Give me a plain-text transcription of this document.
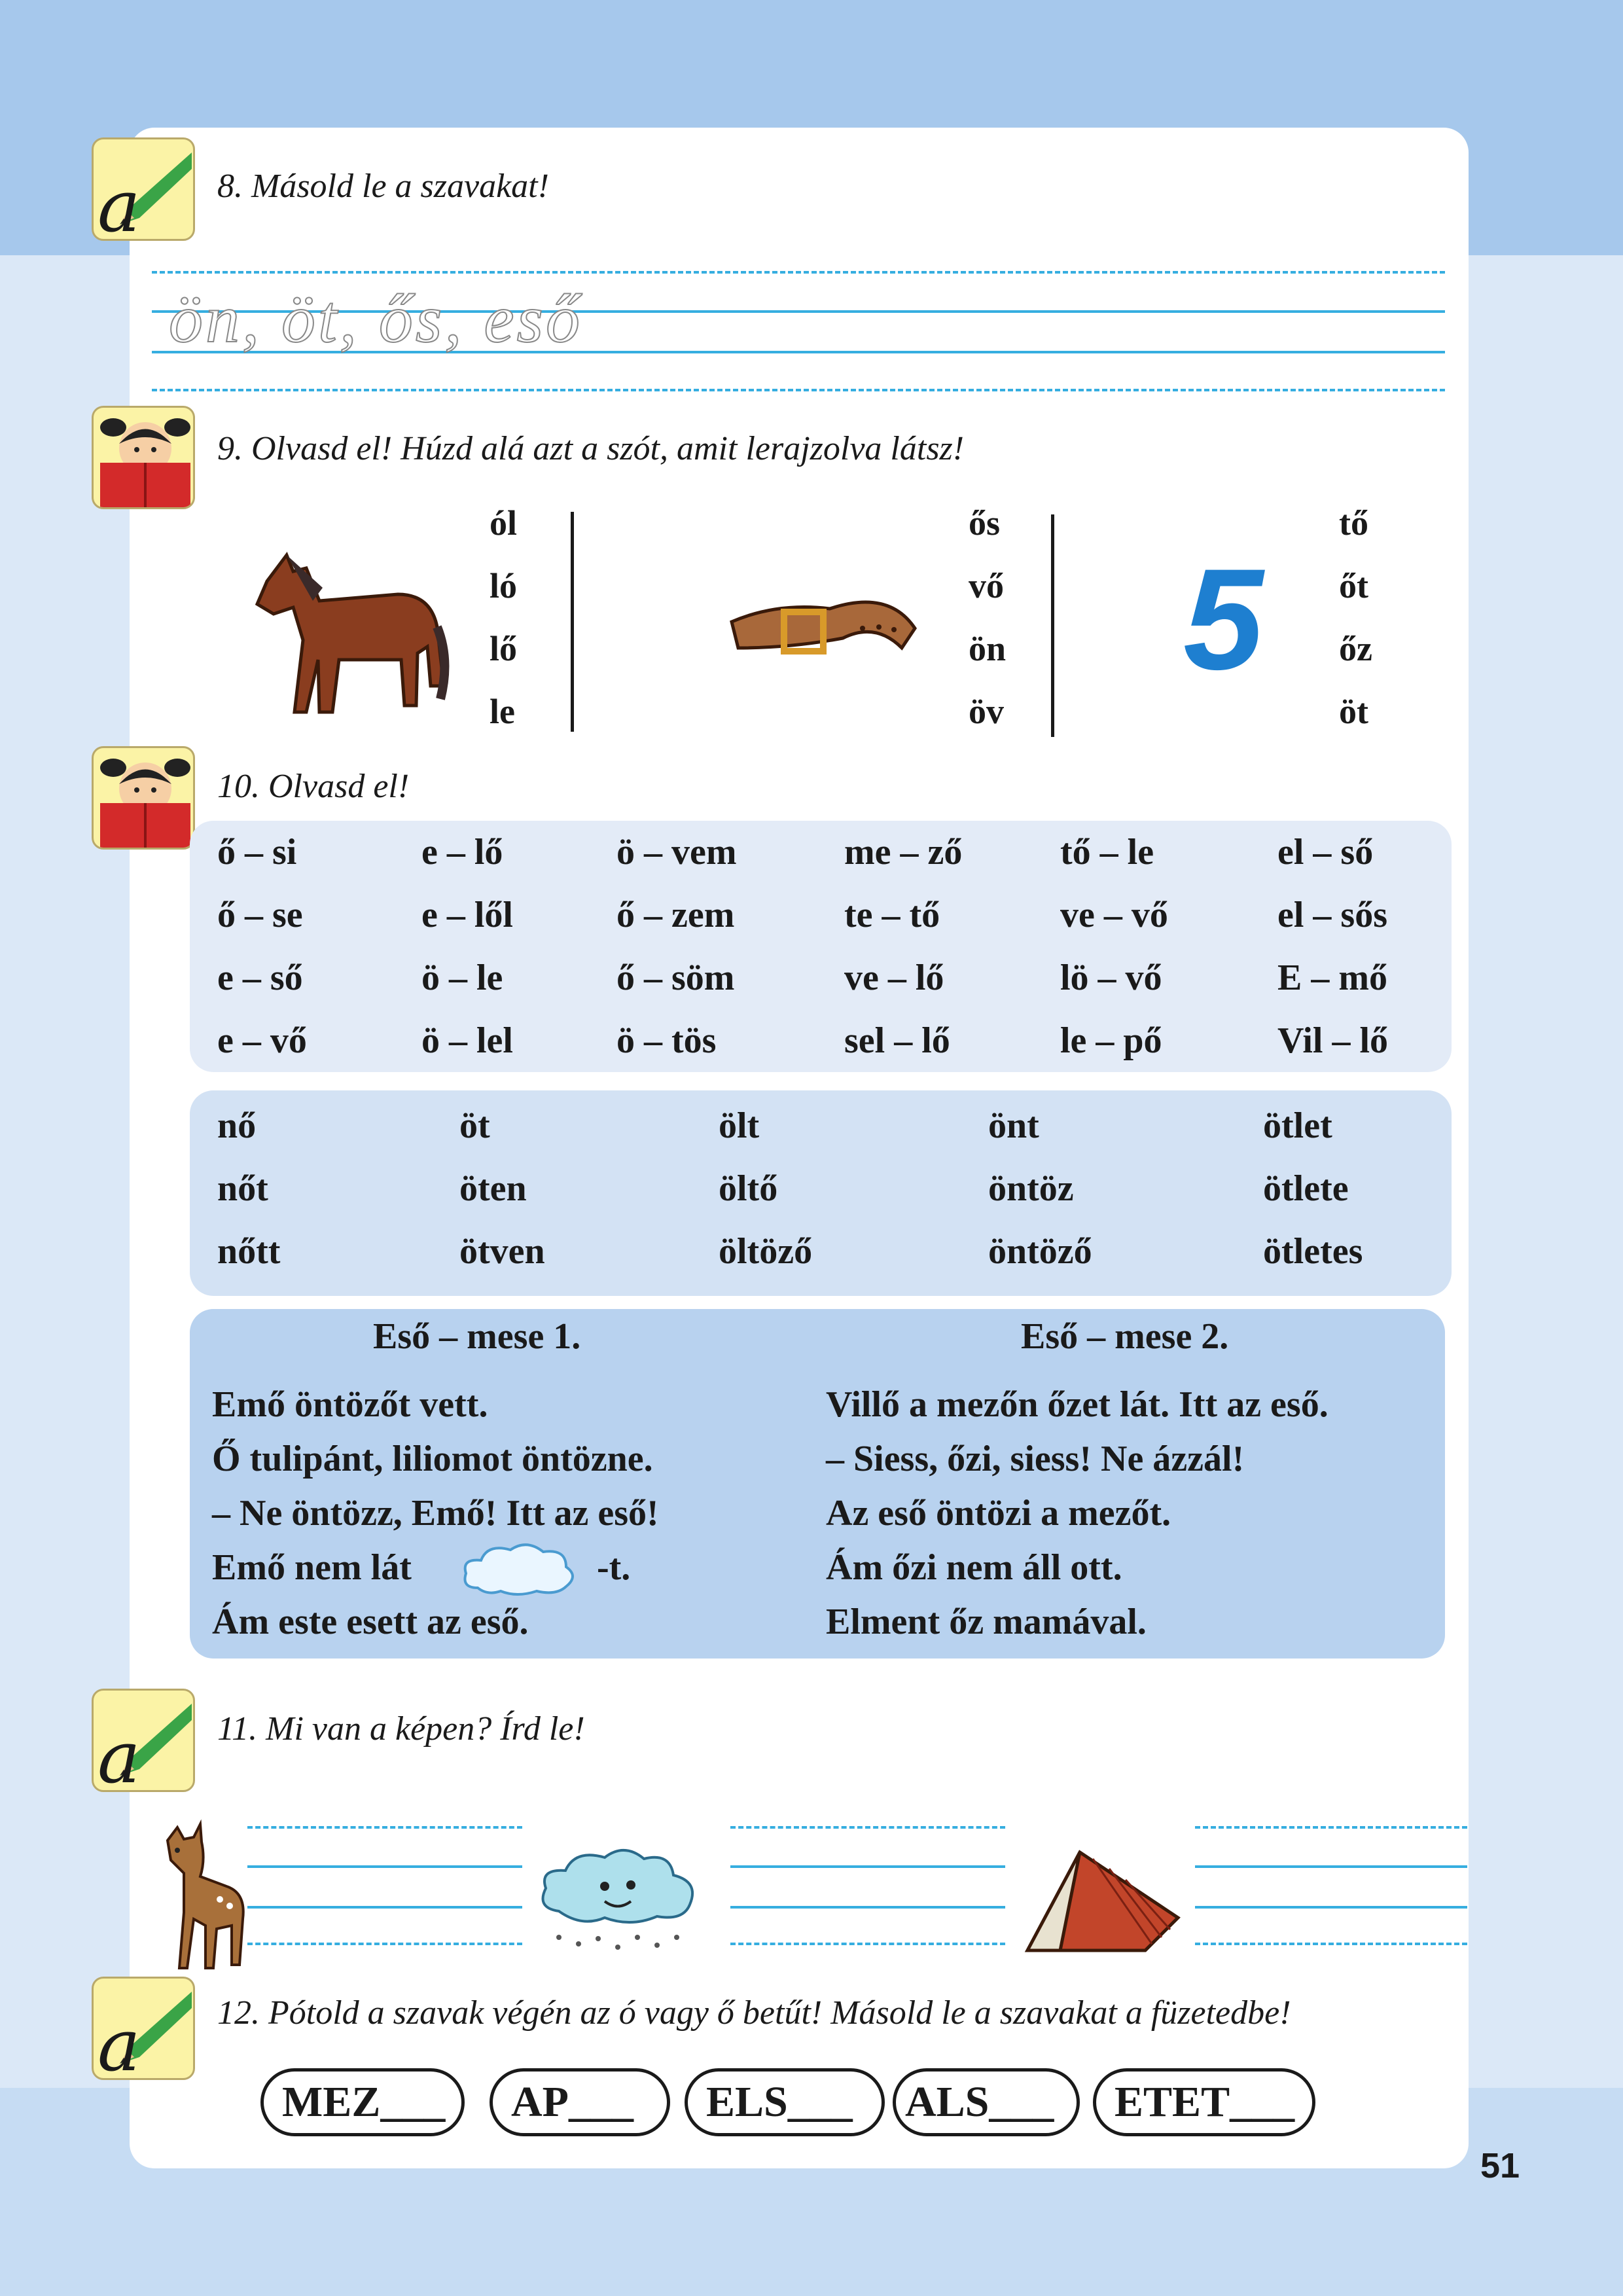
a 8. Másold le a szavakat!
ön, öt, ős, eső
9. Olvasd el! Húzd alá azt a szót, amit lerajzolva látsz!
ól
ló
lő
le
ős
vő
ön
öv
5
tő
őt
őz
öt
10. Olvasd el!
ő – si	e – lő	ö – vem	me – ző	tő – le	el – ső
ő – se	e – lől	ő – zem	te – tő	ve – vő	el – sős
e – ső	ö – le	ő – söm	ve – lő	lö – vő	E – mő
e – vő	ö – lel	ö – tös	sel – lő	le – pő	Vil – lő
nő	öt	ölt	önt	ötlet
nőt	öten	öltő	öntöz	ötlete
nőtt	ötven	öltöző	öntöző	ötletes
Eső – mese 1.	Eső – mese 2.
Emő öntözőt vett.
Ő tulipánt, liliomot öntözne.
– Ne öntözz, Emő! Itt az eső!
Emő nem lát	-t.
Ám este esett az eső.
Villő a mezőn őzet lát. Itt az eső.
– Siess, őzi, siess! Ne ázzál!
Az eső öntözi a mezőt.
Ám őzi nem áll ott.
Elment őz mamával.
a 11. Mi van a képen? Írd le!
a 12. Pótold a szavak végén az ó vagy ő betűt! Másold le a szavakat a füzetedbe!
MEZ___	AP___	ELS___	ALS___	ETET___
51
